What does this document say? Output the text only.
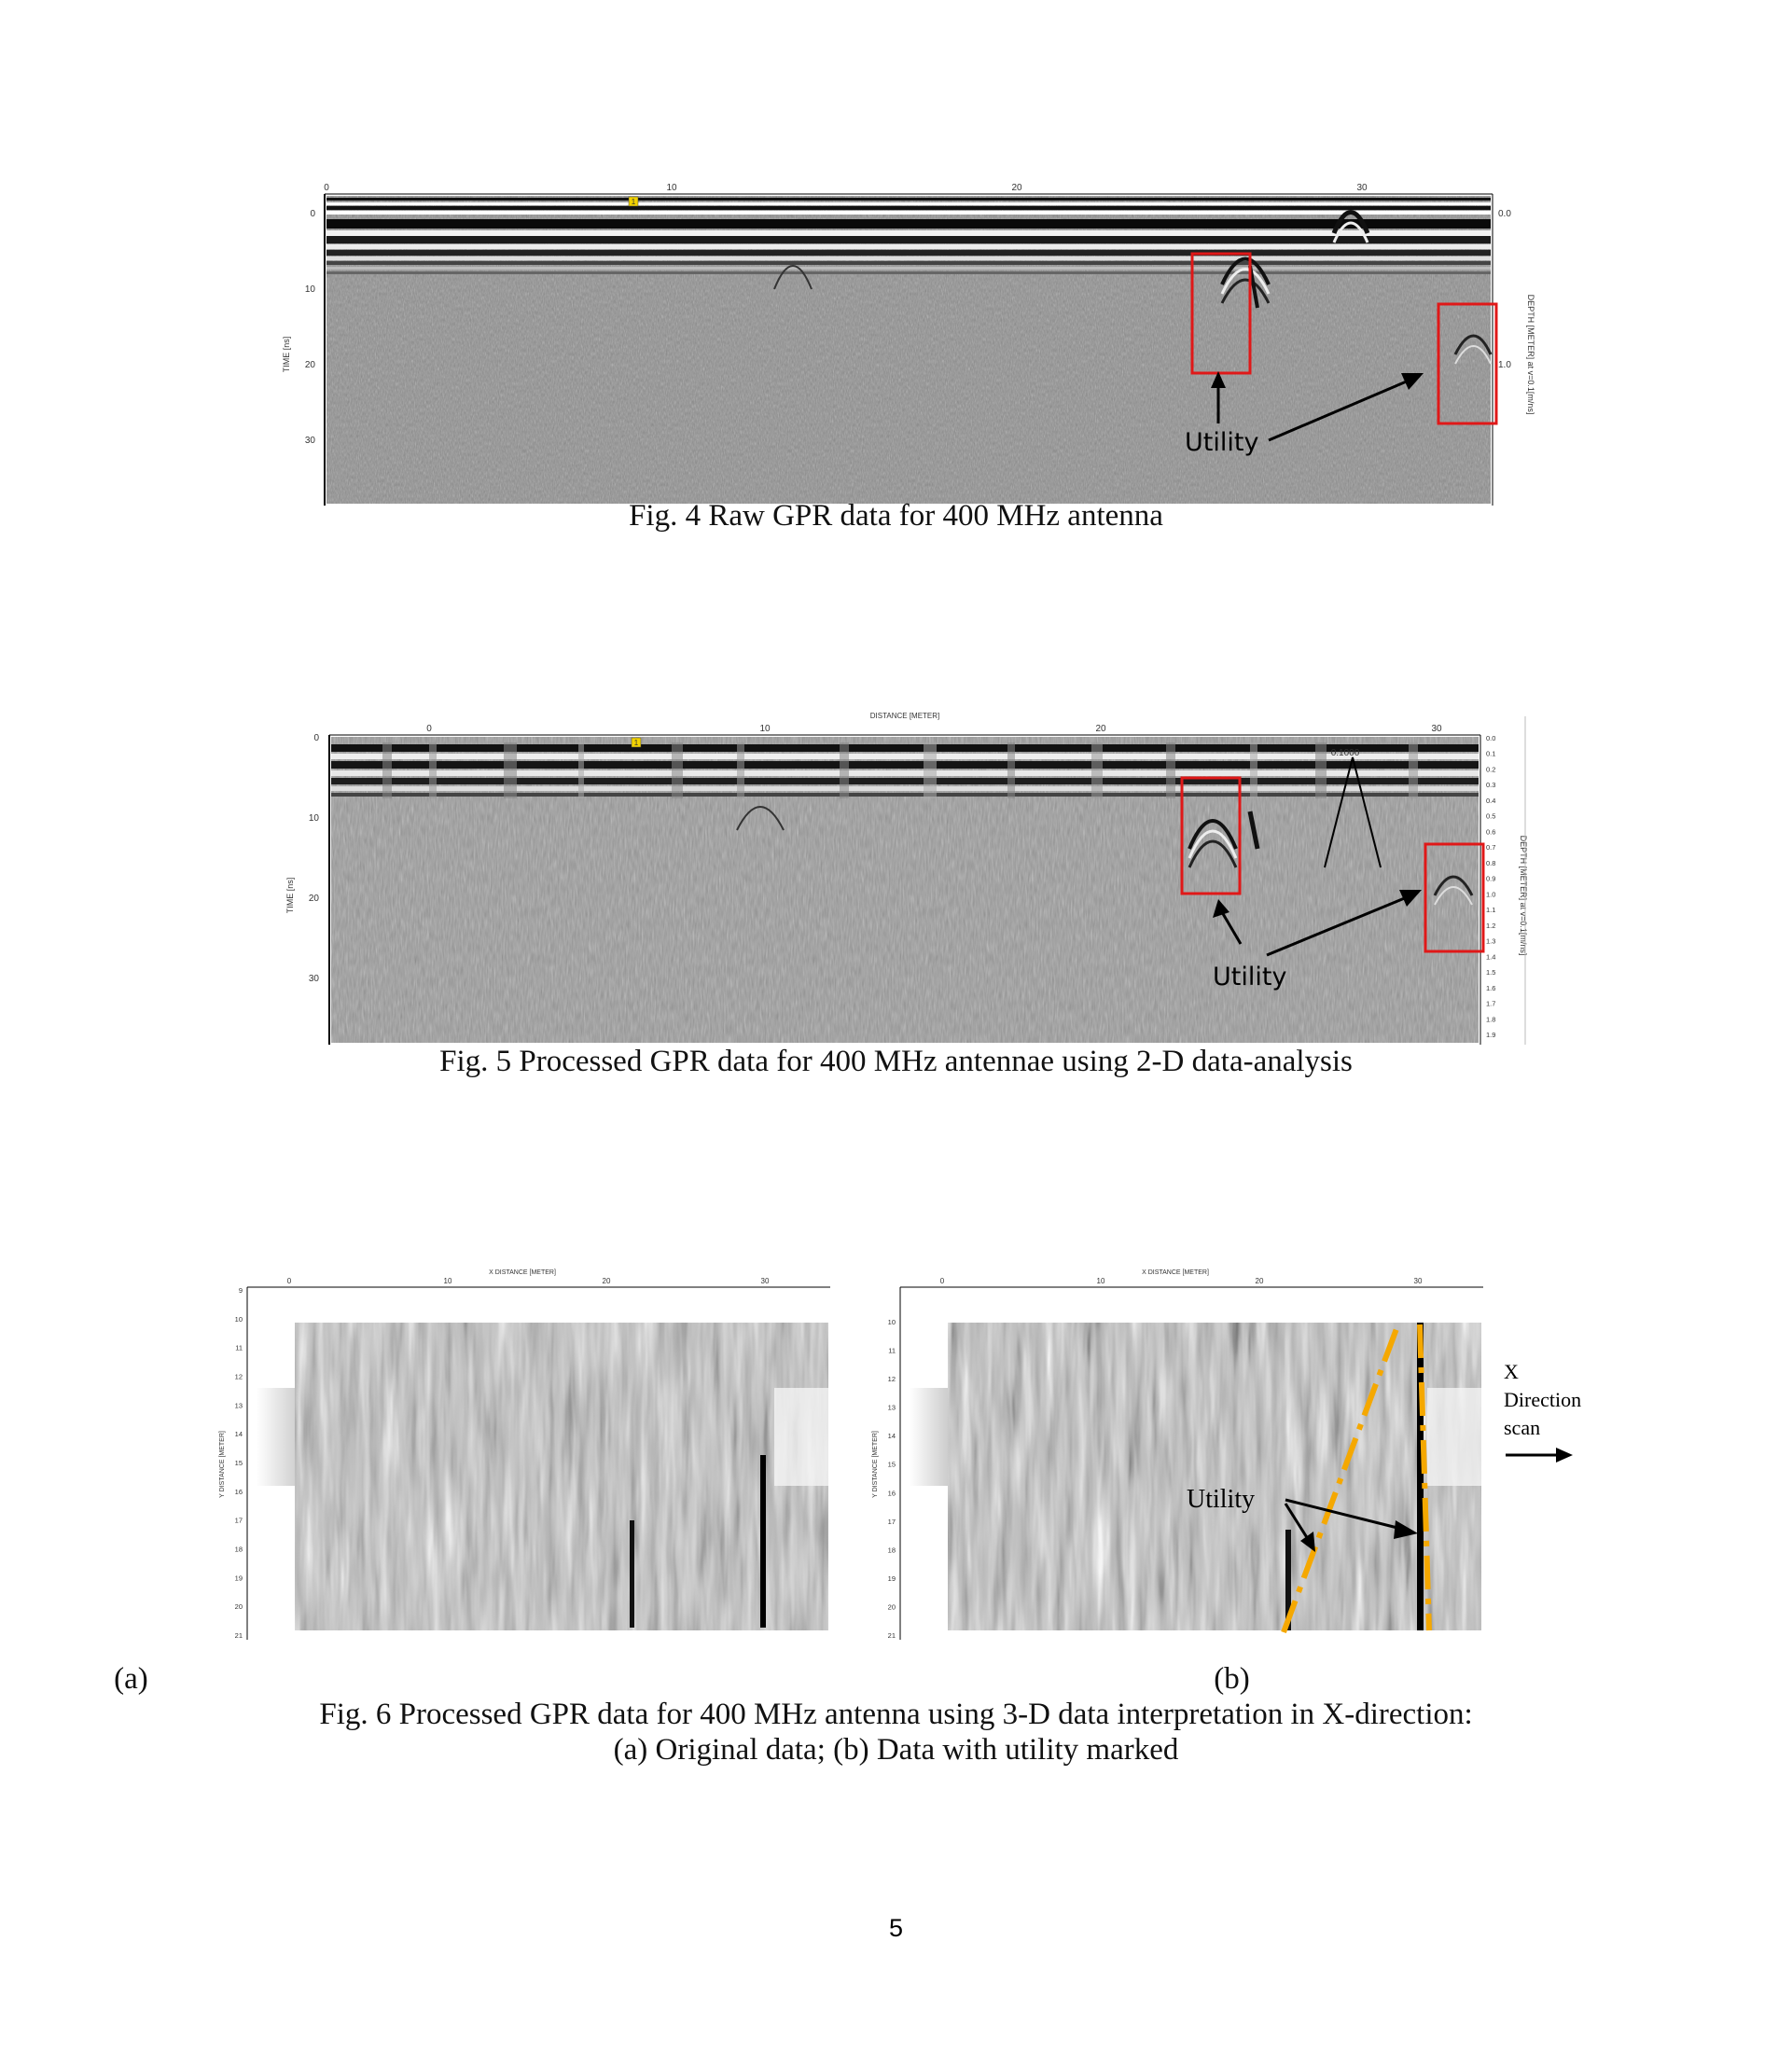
0	10	20	30
0
10
20
30
TIME [ns]
0.0
1.0 DEPTH [METER] at v=0.1[m/ns]
1
Utility
Fig. 4 Raw GPR data for 400 MHz antenna
0.1000
DISTANCE [METER]
0	10	20	30
0
10
20
30
TIME [ns]
0.0
0.1
0.2
0.3
0.4
0.5
0.6
0.7
0.8
0.9
1.0
1.1
1.2
1.3
1.4
1.5
1.6
1.7
1.8
1.9
DEPTH [METER] at v=0.1[m/ns]
1
Utility
Fig. 5 Processed GPR data for 400 MHz antennae using 2-D data-analysis
X DISTANCE [METER]
0	10	20	30
9
10
11
12
13
14
15
16
17
18
19
20
21
Y DISTANCE [METER]
X DISTANCE [METER]
0	10	20	30
10
11
12
13
14
15
16
17
18
19
20
21
Y DISTANCE [METER]
Utility
X
Direction
scan
(a)	(b)
Fig. 6 Processed GPR data for 400 MHz antenna using 3-D data interpretation in X-direction:
(a) Original data; (b) Data with utility marked
5
